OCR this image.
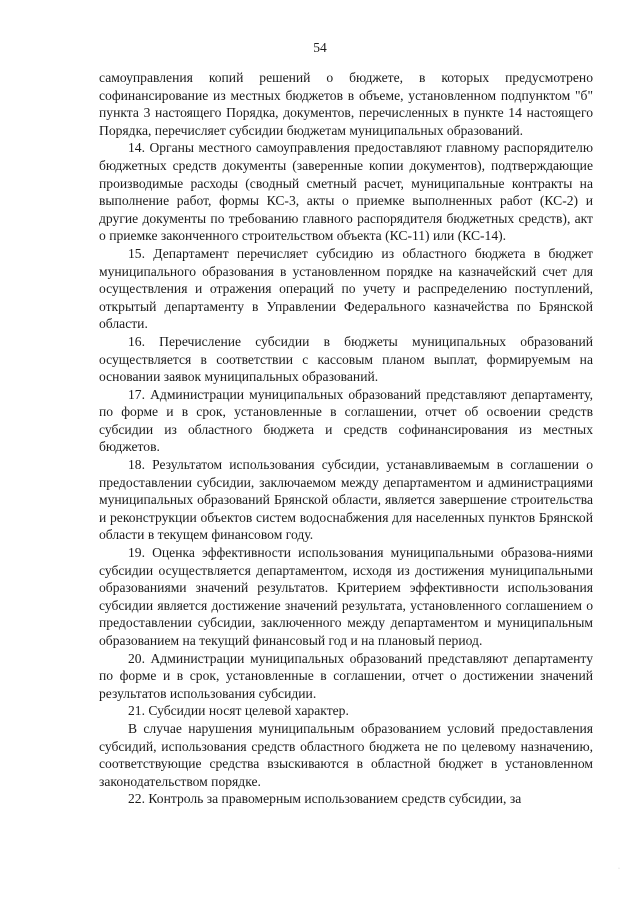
54

самоуправления копий решений о бюджете, в которых предусмотрено софинансирование из местных бюджетов в объеме, установленном подпунктом "б" пункта 3 настоящего Порядка, документов, перечисленных в пункте 14 настоящего Порядка, перечисляет субсидии бюджетам муниципальных образований.

14. Органы местного самоуправления предоставляют главному распорядителю бюджетных средств документы (заверенные копии документов), подтверждающие производимые расходы (сводный сметный расчет, муниципальные контракты на выполнение работ, формы КС-3, акты о приемке выполненных работ (КС-2) и другие документы по требованию главного распорядителя бюджетных средств), акт о приемке законченного строительством объекта (КС-11) или (КС-14).

15. Департамент перечисляет субсидию из областного бюджета в бюджет муниципального образования в установленном порядке на казначейский счет для осуществления и отражения операций по учету и распределению поступлений, открытый департаменту в Управлении Федерального казначейства по Брянской области.

16. Перечисление субсидии в бюджеты муниципальных образований осуществляется в соответствии с кассовым планом выплат, формируемым на основании заявок муниципальных образований.

17. Администрации муниципальных образований представляют департаменту, по форме и в срок, установленные в соглашении, отчет об освоении средств субсидии из областного бюджета и средств софинансирования из местных бюджетов.

18. Результатом использования субсидии, устанавливаемым в соглашении о предоставлении субсидии, заключаемом между департаментом и администрациями муниципальных образований Брянской области, является завершение строительства и реконструкции объектов систем водоснабжения для населенных пунктов Брянской области в текущем финансовом году.

19. Оценка эффективности использования муниципальными образова-ниями субсидии осуществляется департаментом, исходя из достижения муниципальными образованиями значений результатов. Критерием эффективности использования субсидии является достижение значений результата, установленного соглашением о предоставлении субсидии, заключенного между департаментом и муниципальным образованием на текущий финансовый год и на плановый период.

20. Администрации муниципальных образований представляют департаменту по форме и в срок, установленные в соглашении, отчет о достижении значений результатов использования субсидии.

21. Субсидии носят целевой характер.

В случае нарушения муниципальным образованием условий предоставления субсидий, использования средств областного бюджета не по целевому назначению, соответствующие средства взыскиваются в областной бюджет в установленном законодательством порядке.

22. Контроль за правомерным использованием средств субсидии, за

·
